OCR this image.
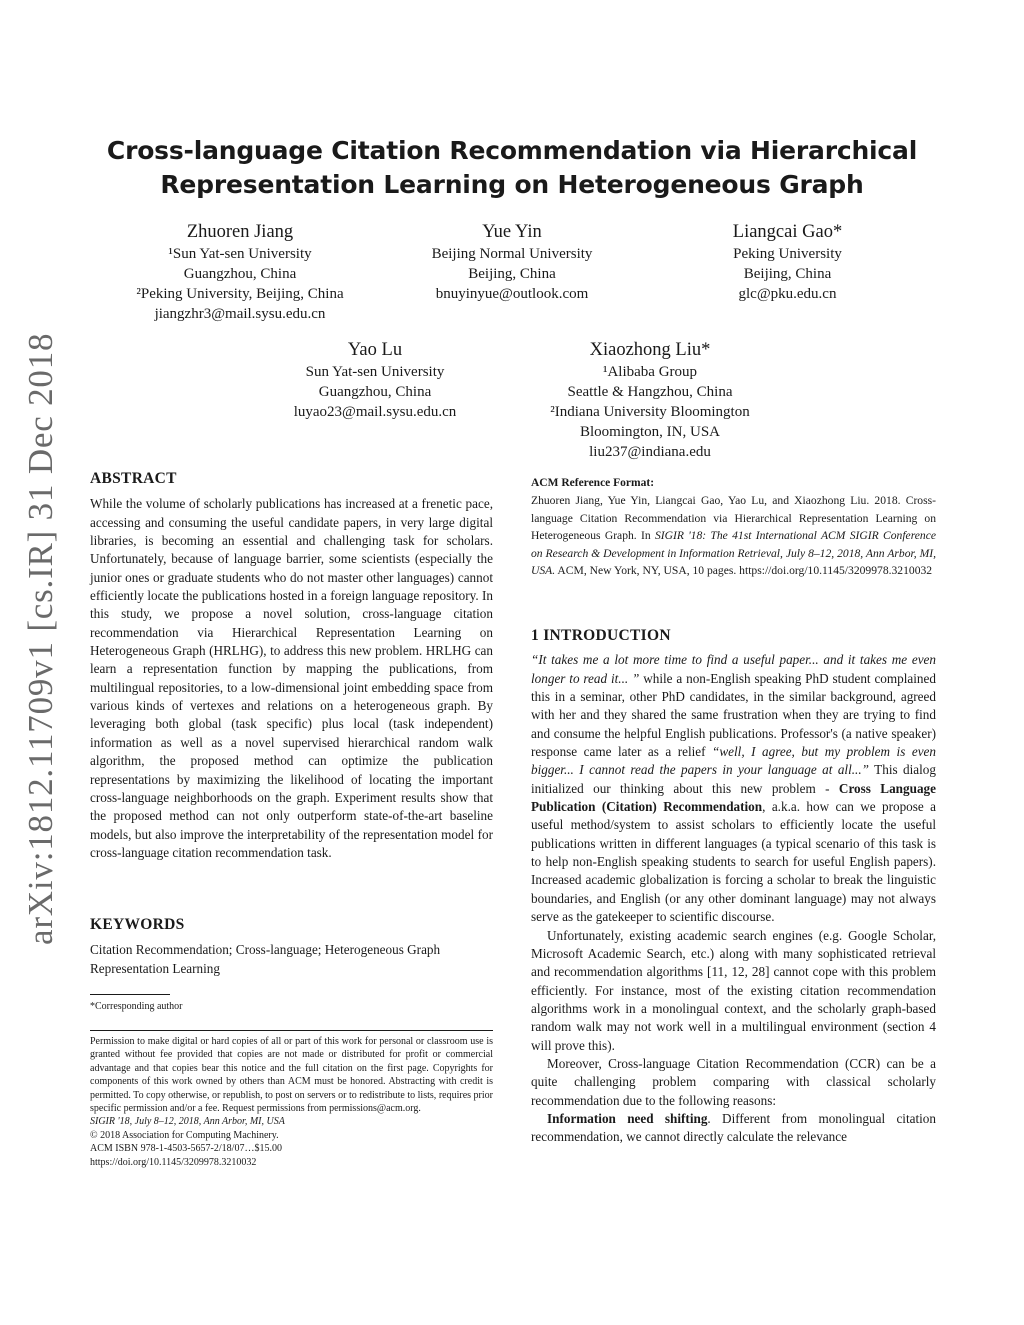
Cross-language Citation Recommendation via Hierarchical
Representation Learning on Heterogeneous Graph
Zhuoren Jiang
¹Sun Yat-sen University
Guangzhou, China
²Peking University, Beijing, China
jiangzhr3@mail.sysu.edu.cn
Yue Yin
Beijing Normal University
Beijing, China
bnuyinyue@outlook.com
Liangcai Gao*
Peking University
Beijing, China
glc@pku.edu.cn
Yao Lu
Sun Yat-sen University
Guangzhou, China
luyao23@mail.sysu.edu.cn
Xiaozhong Liu*
¹Alibaba Group
Seattle & Hangzhou, China
²Indiana University Bloomington
Bloomington, IN, USA
liu237@indiana.edu
arXiv:1812.11709v1 [cs.IR] 31 Dec 2018 ABSTRACT

While the volume of scholarly publications has increased at a frenetic pace, accessing and consuming the useful candidate papers, in very large digital libraries, is becoming an essential and challenging task for scholars. Unfortunately, because of language barrier, some scientists (especially the junior ones or graduate students who do not master other languages) cannot efficiently locate the publications hosted in a foreign language repository. In this study, we propose a novel solution, cross-language citation recommendation via Hierarchical Representation Learning on Heterogeneous Graph (HRLHG), to address this new problem. HRLHG can learn a representation function by mapping the publications, from multilingual repositories, to a low-dimensional joint embedding space from various kinds of vertexes and relations on a heterogeneous graph. By leveraging both global (task specific) plus local (task independent) information as well as a novel supervised hierarchical random walk algorithm, the proposed method can optimize the publication representations by maximizing the likelihood of locating the important cross-language neighborhoods on the graph. Experiment results show that the proposed method can not only outperform state-of-the-art baseline models, but also improve the interpretability of the representation model for cross-language citation recommendation task.

KEYWORDS

Citation Recommendation; Cross-language; Heterogeneous Graph Representation Learning

*Corresponding author
Permission to make digital or hard copies of all or part of this work for personal or classroom use is granted without fee provided that copies are not made or distributed for profit or commercial advantage and that copies bear this notice and the full citation on the first page. Copyrights for components of this work owned by others than ACM must be honored. Abstracting with credit is permitted. To copy otherwise, or republish, to post on servers or to redistribute to lists, requires prior specific permission and/or a fee. Request permissions from permissions@acm.org.
SIGIR '18, July 8–12, 2018, Ann Arbor, MI, USA
© 2018 Association for Computing Machinery.
ACM ISBN 978-1-4503-5657-2/18/07…$15.00
https://doi.org/10.1145/3209978.3210032
ACM Reference Format:
Zhuoren Jiang, Yue Yin, Liangcai Gao, Yao Lu, and Xiaozhong Liu. 2018. Cross-language Citation Recommendation via Hierarchical Representation Learning on Heterogeneous Graph. In SIGIR '18: The 41st International ACM SIGIR Conference on Research & Development in Information Retrieval, July 8–12, 2018, Ann Arbor, MI, USA. ACM, New York, NY, USA, 10 pages. https://doi.org/10.1145/3209978.3210032
1 INTRODUCTION

“It takes me a lot more time to find a useful paper... and it takes me even longer to read it... ” while a non-English speaking PhD student complained this in a seminar, other PhD candidates, in the similar background, agreed with her and they shared the same frustration when they are trying to find and consume the helpful English publications. Professor's (a native speaker) response came later as a relief “well, I agree, but my problem is even bigger... I cannot read the papers in your language at all...” This dialog initialized our thinking about this new problem - Cross Language Publication (Citation) Recommendation, a.k.a. how can we propose a useful method/system to assist scholars to efficiently locate the useful publications written in different languages (a typical scenario of this task is to help non-English speaking students to search for useful English papers). Increased academic globalization is forcing a scholar to break the linguistic boundaries, and English (or any other dominant language) may not always serve as the gatekeeper to scientific discourse.

Unfortunately, existing academic search engines (e.g. Google Scholar, Microsoft Academic Search, etc.) along with many sophisticated retrieval and recommendation algorithms [11, 12, 28] cannot cope with this problem efficiently. For instance, most of the existing citation recommendation algorithms work in a monolingual context, and the scholarly graph-based random walk may not work well in a multilingual environment (section 4 will prove this).

Moreover, Cross-language Citation Recommendation (CCR) can be a quite challenging problem comparing with classical scholarly recommendation due to the following reasons:

Information need shifting. Different from monolingual citation recommendation, we cannot directly calculate the relevance
